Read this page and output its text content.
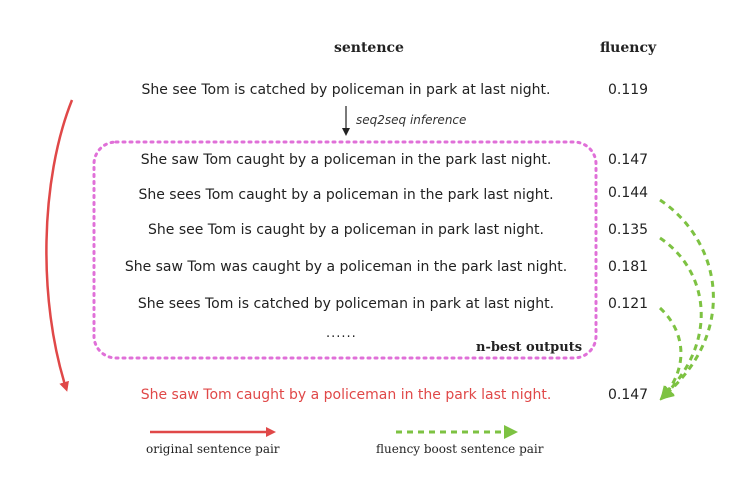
sentence	fluency
She see Tom is catched by policeman in park at last night.	0.119
seq2seq inference
She saw Tom caught by a policeman in the park last night.	0.147
She sees Tom caught by a policeman in the park last night.	0.144
She see Tom is caught by a policeman in park last night.	0.135
She saw Tom was caught by a policeman in the park last night.	0.181
She sees Tom is catched by policeman in park at last night.	0.121
......
n-best outputs
She saw Tom caught by a policeman in the park last night.	0.147
original sentence pair	fluency boost sentence pair
